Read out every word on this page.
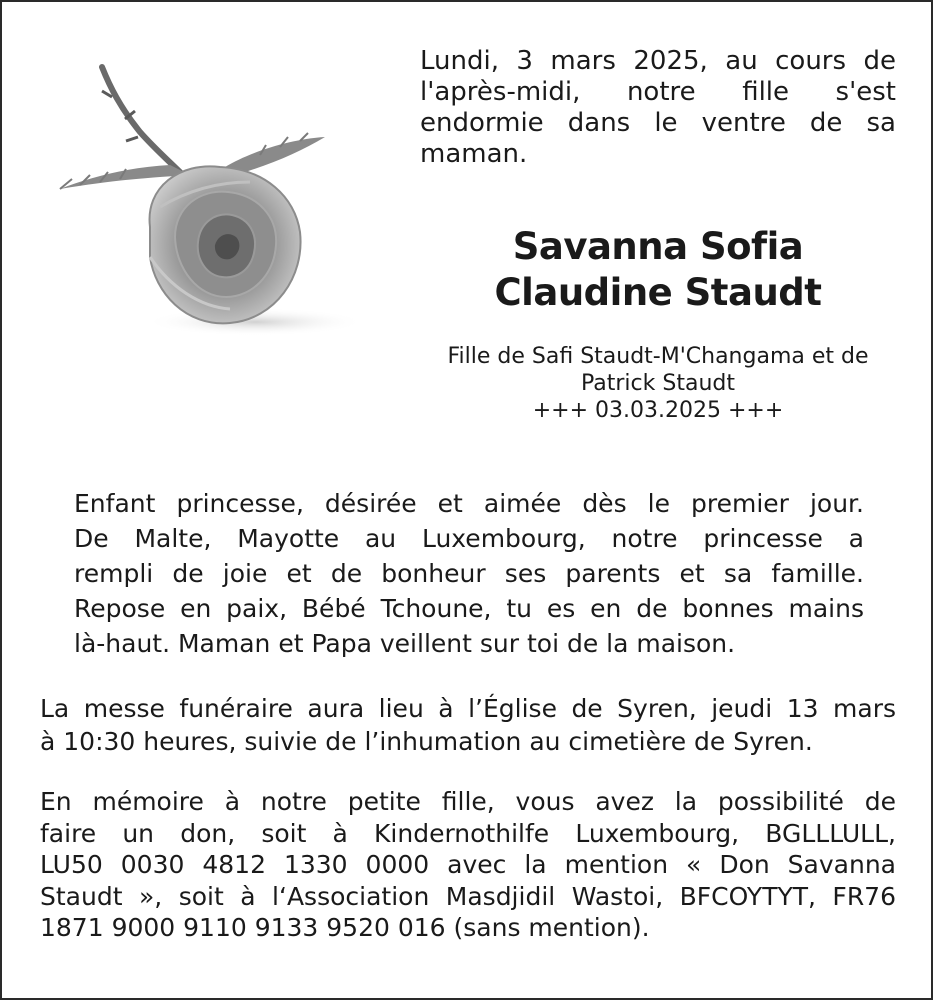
Lundi, 3 mars 2025, au cours de
l'après-midi, notre fille s'est
endormie dans le ventre de sa
maman.
Savanna Sofia
Claudine Staudt
Fille de Safi Staudt-M'Changama et de
Patrick Staudt
+++ 03.03.2025 +++
Enfant princesse, désirée et aimée dès le premier jour.
De Malte, Mayotte au Luxembourg, notre princesse a
rempli de joie et de bonheur ses parents et sa famille.
Repose en paix, Bébé Tchoune, tu es en de bonnes mains
là-haut. Maman et Papa veillent sur toi de la maison.
La messe funéraire aura lieu à l’Église de Syren, jeudi 13 mars
à 10:30 heures, suivie de l’inhumation au cimetière de Syren.
En mémoire à notre petite fille, vous avez la possibilité de
faire un don, soit à Kindernothilfe Luxembourg, BGLLLULL,
LU50 0030 4812 1330 0000 avec la mention « Don Savanna
Staudt », soit à l‘Association Masdjidil Wastoi, BFCOYTYT, FR76
1871 9000 9110 9133 9520 016 (sans mention).
